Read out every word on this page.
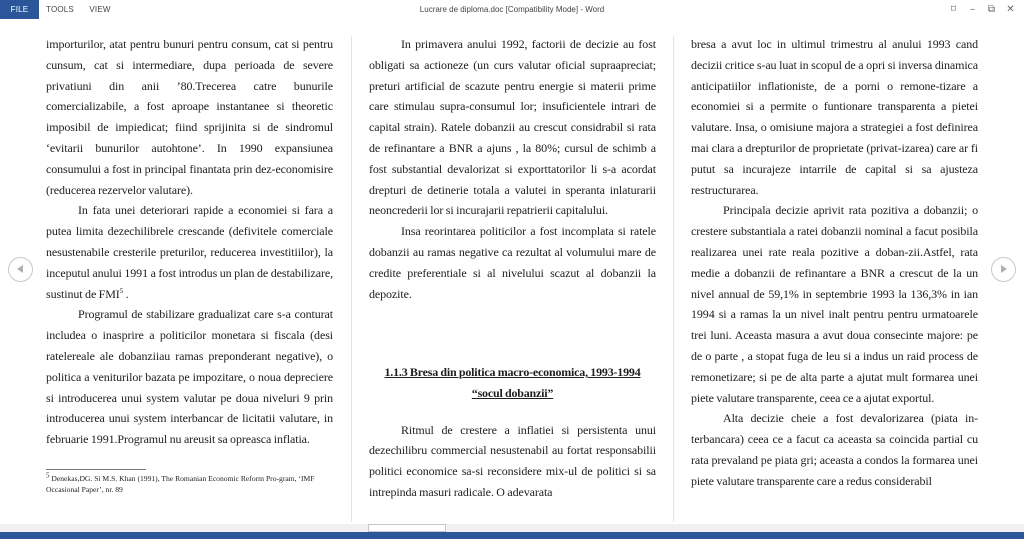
FILE	TOOLS	VIEW	Lucrare de diploma.doc [Compatibility Mode] - Word	⌑	–	⧉	✕

importurilor, atat pentru bunuri pentru consum, cat si pentru cunsum, cat si intermediare, dupa perioada de severe privatiuni din anii ’80.Trecerea catre bunurile comercializabile, a fost aproape instantanee si theoretic imposibil de impiedicat; fiind sprijinita si de sindromul ‘evitarii bunurilor autohtone’. In 1990 expansiunea consumului a fost in principal finantata prin dez-economisire (reducerea rezervelor valutare).

In fata unei deteriorari rapide a economiei si fara a putea limita dezechilibrele crescande (defivitele comerciale nesustenabile cresterile preturilor, reducerea investitiilor), la inceputul anului 1991 a fost introdus un plan de destabilizare, sustinut de FMI$^5$ .

Programul de stabilizare gradualizat care s-a conturat includea o inasprire a politicilor monetara si fiscala (desi ratelereale ale dobanziiau ramas preponderant negative), o politica a veniturilor bazata pe impozitare, o noua depreciere si introducerea unui system valutar pe doua niveluri 9 prin introducerea unui system interbancar de licitatii valutare, in februarie 1991.Programul nu areusit sa opreasca inflatia.

$^5$ Denekas,DG. Si M.S. Khan (1991), The Romanian Economic Reform Pro-gram, ‘IMF Occasional Paper’, nr. 89

In primavera anului 1992, factorii de decizie au fost obligati sa actioneze (un curs valutar oficial supraapreciat; preturi artificial de scazute pentru energie si materii prime care stimulau supra-consumul lor; insuficientele intrari de capital strain). Ratele dobanzii au crescut considrabil si rata de refinantare a BNR a ajuns , la 80%; cursul de schimb a fost substantial devalorizat si exporttatorilor li s-a acordat drepturi de detinerie totala a valutei in speranta inlaturarii neoncrederii lor si incurajarii repatrierii capitalului.

Insa reorintarea politicilor a fost incomplata si ratele dobanzii au ramas negative ca rezultat al volumului mare de credite preferentiale si al nivelului scazut al dobanzii la depozite.

1.1.3 Bresa din politica macro-economica, 1993-1994
“socul dobanzii”

Ritmul de crestere a inflatiei si persistenta unui dezechilibru commercial nesustenabil au fortat responsabilii politici economice sa-si reconsidere mix-ul de politici si sa intrepinda masuri radicale. O adevarata

bresa a avut loc in ultimul trimestru al anului 1993 cand decizii critice s-au luat in scopul de a opri si inversa dinamica anticipatiilor inflationiste, de a porni o remone-tizare a economiei si a permite o funtionare transparenta a pietei valutare. Insa, o omisiune majora a strategiei a fost definirea mai clara a drepturilor de proprietate (privat-izarea) care ar fi putut sa incurajeze intarrile de capital si sa ajusteza restructurarea.

Principala decizie aprivit rata pozitiva a dobanzii; o crestere substantiala a ratei dobanzii nominal a facut posibila realizarea unei rate reala pozitive a doban-zii.Astfel, rata medie a dobanzii de refinantare a BNR a crescut de la un nivel annual de 59,1% in septembrie 1993 la 136,3% in ian 1994 si a ramas la un nivel inalt pentru pentru urmatoarele trei luni. Aceasta masura a avut doua consecinte majore: pe de o parte , a stopat fuga de leu si a indus un raid process de remonetizare; si pe de alta parte a ajutat mult formarea unei piete valutare transparente, ceea ce a ajutat exportul.

Alta decizie cheie a fost devalorizarea (piata in-terbancara) ceea ce a facut ca aceasta sa coincida partial cu rata prevaland pe piata gri; aceasta a condos la formarea unei piete valutare transparente care a redus considerabil
